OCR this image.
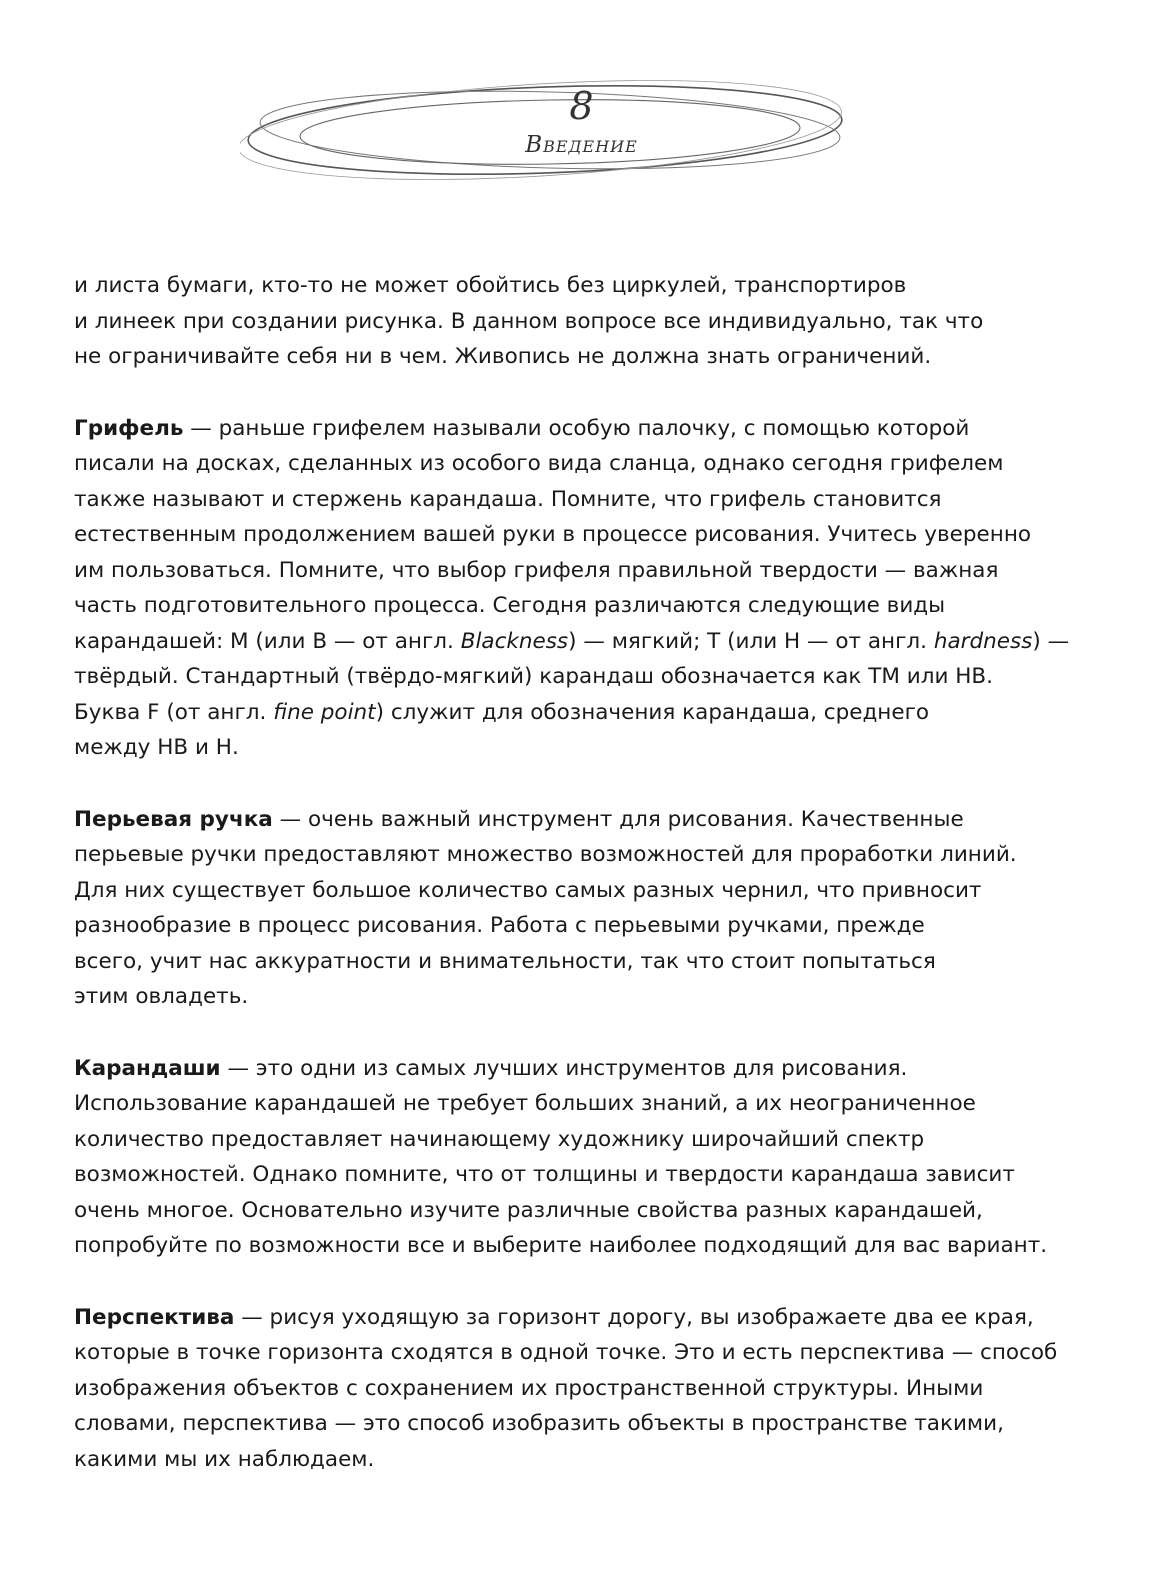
8
Введение

и листа бумаги, кто-то не может обойтись без циркулей, транспортиров
и линеек при создании рисунка. В данном вопросе все индивидуально, так что
не ограничивайте себя ни в чем. Живопись не должна знать ограничений.

Грифель — раньше грифелем называли особую палочку, с помощью которой
писали на досках, сделанных из особого вида сланца, однако сегодня грифелем
также называют и стержень карандаша. Помните, что грифель становится
естественным продолжением вашей руки в процессе рисования. Учитесь уверенно
им пользоваться. Помните, что выбор грифеля правильной твердости — важная
часть подготовительного процесса. Сегодня различаются следующие виды
карандашей: М (или В — от англ. Blackness) — мягкий; Т (или Н — от англ. hardness) —
твёрдый. Стандартный (твёрдо-мягкий) карандаш обозначается как ТМ или НВ.
Буква F (от англ. fine point) служит для обозначения карандаша, среднего
между НВ и Н.

Перьевая ручка — очень важный инструмент для рисования. Качественные
перьевые ручки предоставляют множество возможностей для проработки линий.
Для них существует большое количество самых разных чернил, что привносит
разнообразие в процесс рисования. Работа с перьевыми ручками, прежде
всего, учит нас аккуратности и внимательности, так что стоит попытаться
этим овладеть.

Карандаши — это одни из самых лучших инструментов для рисования.
Использование карандашей не требует больших знаний, а их неограниченное
количество предоставляет начинающему художнику широчайший спектр
возможностей. Однако помните, что от толщины и твердости карандаша зависит
очень многое. Основательно изучите различные свойства разных карандашей,
попробуйте по возможности все и выберите наиболее подходящий для вас вариант.

Перспектива — рисуя уходящую за горизонт дорогу, вы изображаете два ее края,
которые в точке горизонта сходятся в одной точке. Это и есть перспектива — способ
изображения объектов с сохранением их пространственной структуры. Иными
словами, перспектива — это способ изобразить объекты в пространстве такими,
какими мы их наблюдаем.
